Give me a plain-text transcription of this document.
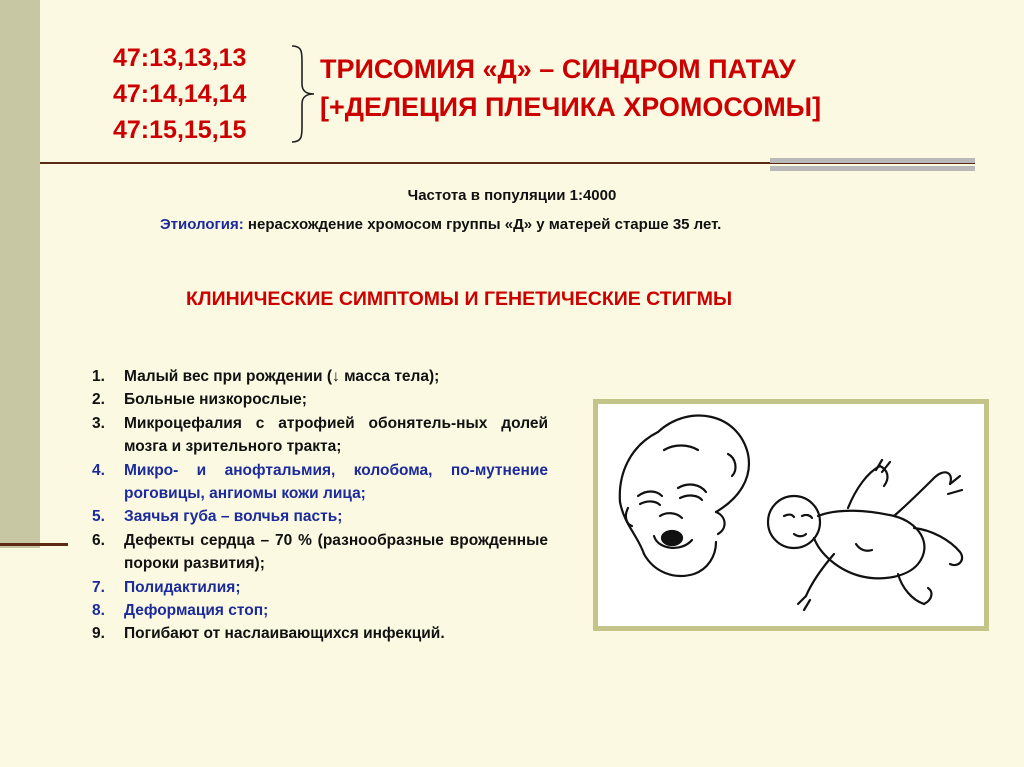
47:13,13,13
47:14,14,14
47:15,15,15
ТРИСОМИЯ «Д» – СИНДРОМ ПАТАУ
[+ДЕЛЕЦИЯ ПЛЕЧИКА ХРОМОСОМЫ]
Частота в популяции 1:4000
Этиология: нерасхождение хромосом группы «Д» у матерей старше 35 лет.
КЛИНИЧЕСКИЕ СИМПТОМЫ И ГЕНЕТИЧЕСКИЕ СТИГМЫ
1. Малый вес при рождении (↓ масса тела);
2. Больные низкорослые;
3. Микроцефалия с атрофией обонятель-ных долей мозга и зрительного тракта;
4. Микро- и анофтальмия, колобома, по-мутнение роговицы, ангиомы кожи лица;
5. Заячья губа – волчья пасть;
6. Дефекты сердца – 70 % (разнообразные врожденные пороки развития);
7. Полидактилия;
8. Деформация стоп;
9. Погибают от наслаивающихся инфекций.
